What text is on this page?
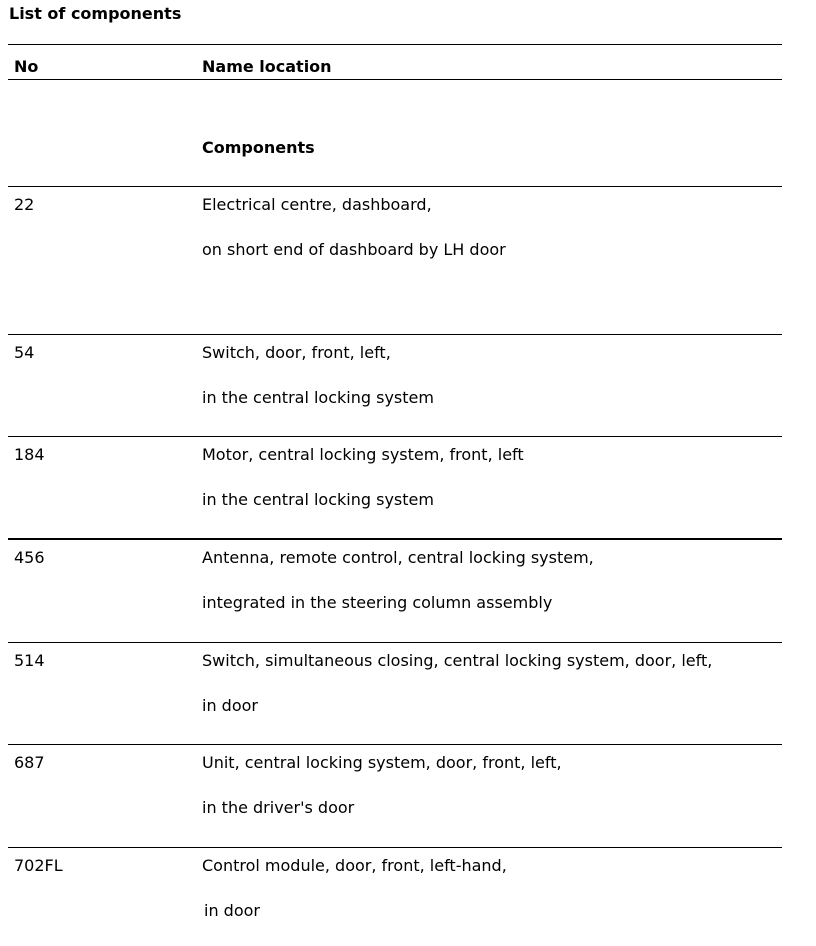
List of components
No	Name location
Components
22	Electrical centre, dashboard,
on short end of dashboard by LH door
54	Switch, door, front, left,
in the central locking system
184	Motor, central locking system, front, left
in the central locking system
456	Antenna, remote control, central locking system,
integrated in the steering column assembly
514	Switch, simultaneous closing, central locking system, door, left,
in door
687	Unit, central locking system, door, front, left,
in the driver's door
702FL	Control module, door, front, left-hand,
in door
